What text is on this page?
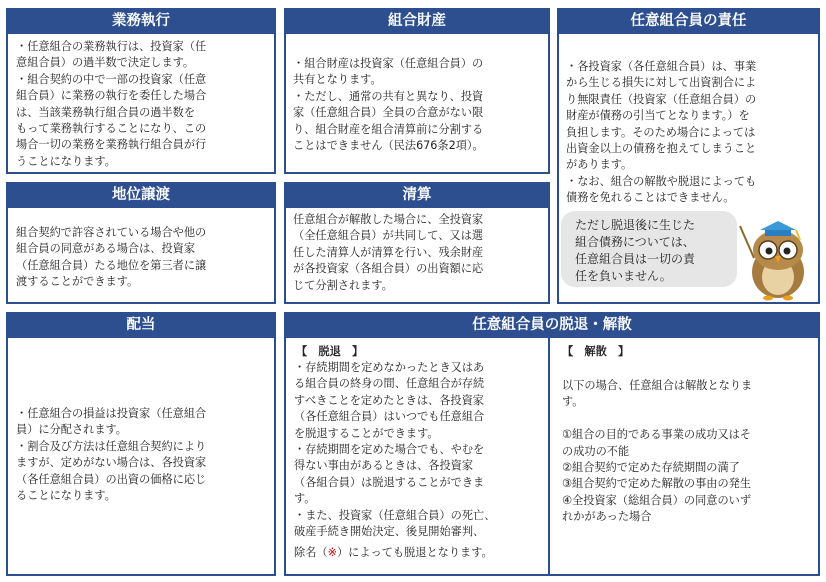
業務執行

・任意組合の業務執行は、投資家（任
意組合員）の過半数で決定します。
・組合契約の中で一部の投資家（任意
組合員）に業務の執行を委任した場合
は、当該業務執行組合員の過半数を
もって業務執行することになり、この
場合一切の業務を業務執行組合員が行
うことになります。

組合財産

・組合財産は投資家（任意組合員）の
共有となります。
・ただし、通常の共有と異なり、投資
家（任意組合員）全員の合意がない限
り、組合財産を組合清算前に分割する
ことはできません（民法676条2項）。

任意組合員の責任

・各投資家（各任意組合員）は、事業
から生じる損失に対して出資割合によ
り無限責任（投資家（任意組合員）の
財産が債務の引当てとなります。）を
負担します。そのため場合によっては
出資金以上の債務を抱えてしまうこと
があります。
・なお、組合の解散や脱退によっても
債務を免れることはできません。

ただし脱退後に生じた
組合債務については、
任意組合員は一切の責
任を負いません。
地位譲渡

組合契約で許容されている場合や他の
組合員の同意がある場合は、投資家
（任意組合員）たる地位を第三者に譲
渡することができます。

清算

任意組合が解散した場合に、全投資家
（全任意組合員）が共同して、又は選
任した清算人が清算を行い、残余財産
が各投資家（各組合員）の出資額に応
じて分割されます。

配当

・任意組合の損益は投資家（任意組合
員）に分配されます。
・割合及び方法は任意組合契約により
ますが、定めがない場合は、各投資家
（各任意組合員）の出資の価格に応じ
ることになります。

任意組合員の脱退・解散
【　脱退　】

・存続期間を定めなかったとき又はあ
る組合員の終身の間、任意組合が存続
すべきことを定めたときは、各投資家
（各任意組合員）はいつでも任意組合
を脱退することができます。
・存続期間を定めた場合でも、やむを
得ない事由があるときは、各投資家
（各組合員）は脱退することができま
す。
・また、投資家（任意組合員）の死亡、
破産手続き開始決定、後見開始審判、

除名（※）によっても脱退となります。

【　解散　】

以下の場合、任意組合は解散となりま
す。

①組合の目的である事業の成功又はそ
の成功の不能
②組合契約で定めた存続期間の満了
③組合契約で定めた解散の事由の発生
④全投資家（総組合員）の同意のいず
れかがあった場合
